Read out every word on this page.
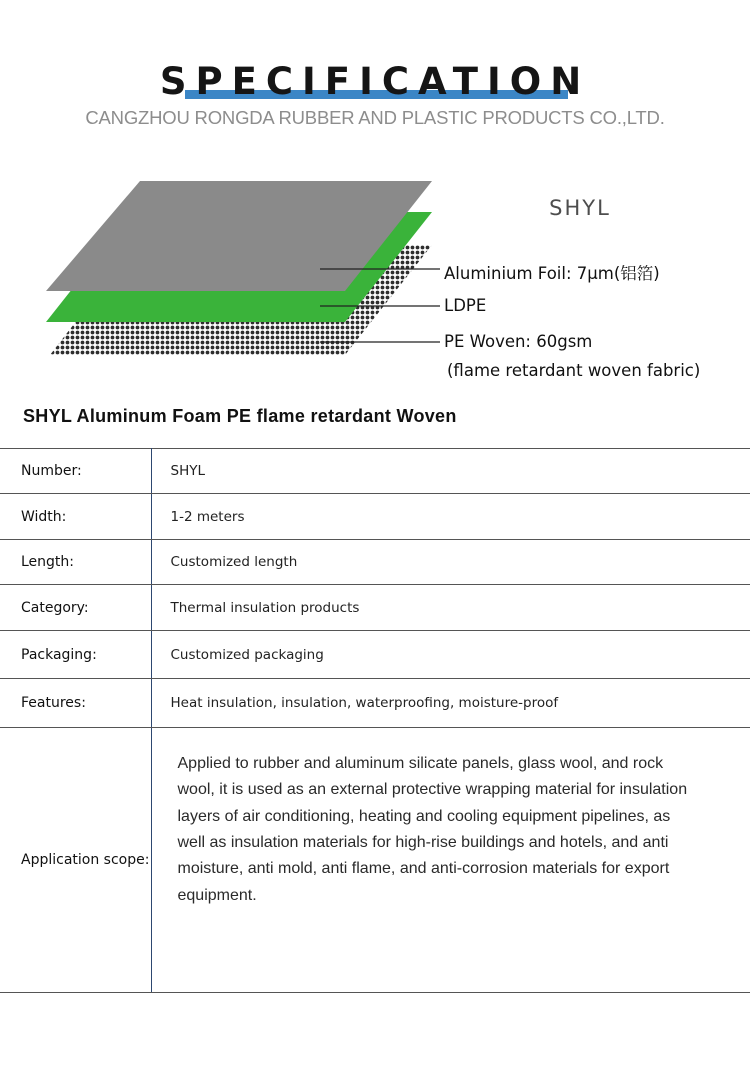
SPECIFICATION
CANGZHOU RONGDA RUBBER AND PLASTIC PRODUCTS CO.,LTD.
SHYL
Aluminium Foil: 7μm(铝箔)
LDPE
PE Woven: 60gsm
(flame retardant woven fabric)
SHYL Aluminum Foam PE flame retardant Woven
Number:	SHYL
Width:	1-2 meters
Length:	Customized length
Category:	Thermal insulation products
Packaging:	Customized packaging
Features:	Heat insulation, insulation, waterproofing, moisture-proof
Application scope:	Applied to rubber and aluminum silicate panels, glass wool, and rock wool, it is used as an external protective wrapping material for insulation layers of air conditioning, heating and cooling equipment pipelines, as well as insulation materials for high-rise buildings and hotels, and anti moisture, anti mold, anti flame, and anti-corrosion materials for export equipment.
